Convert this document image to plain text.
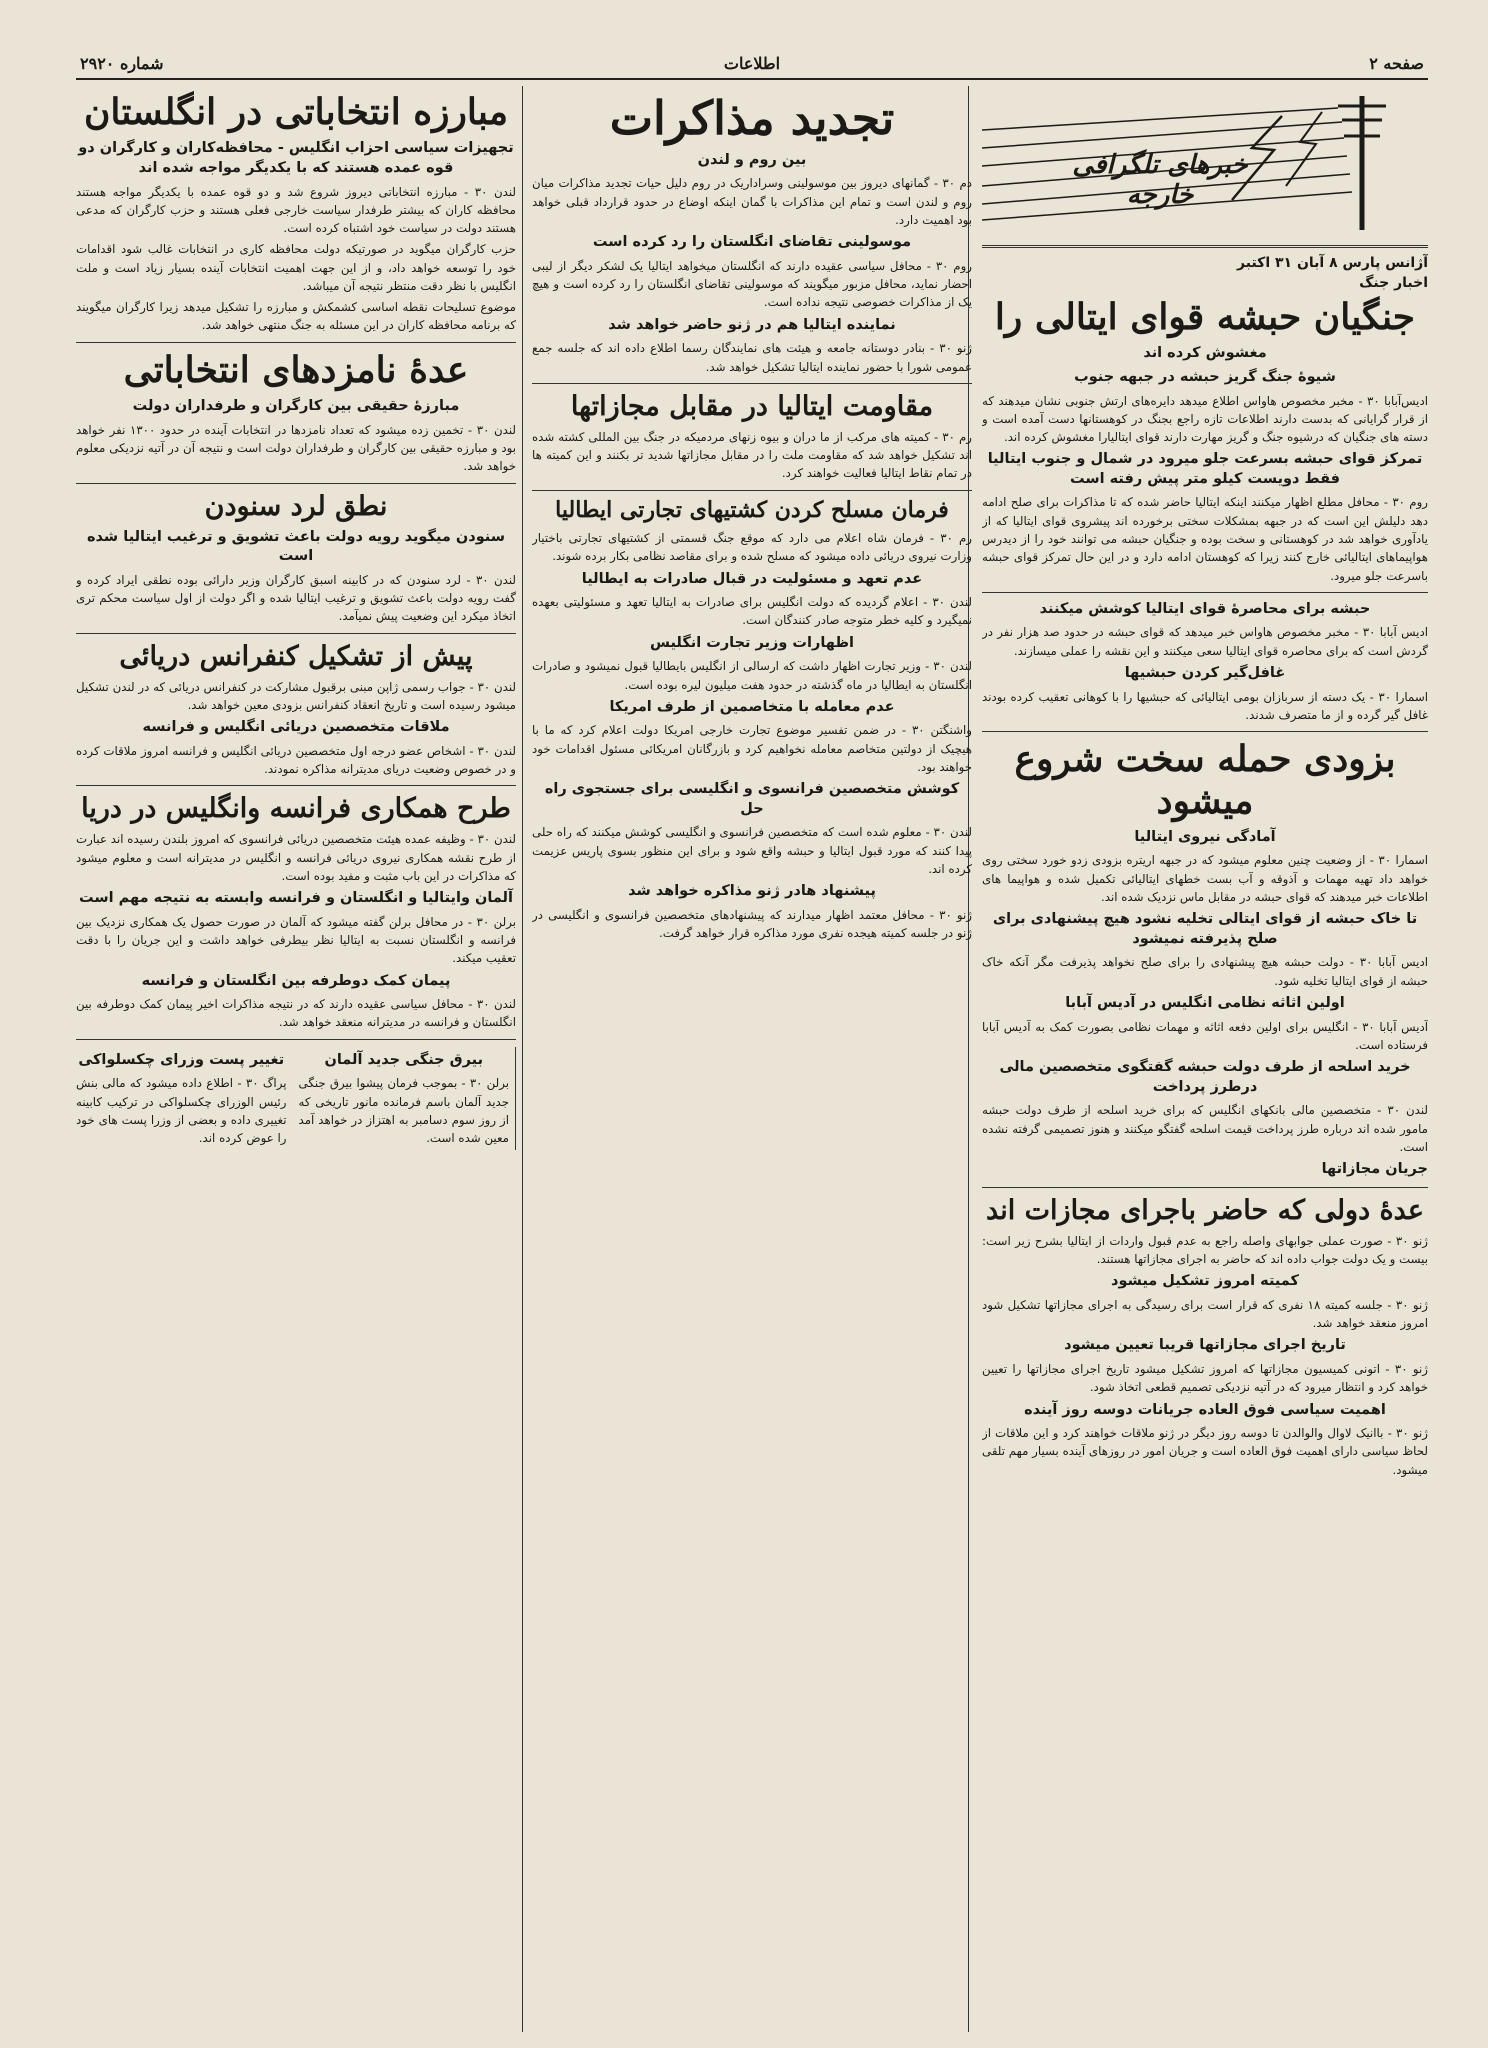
شماره ۲۹۲۰	اطلاعات	صفحه ۲
خبرهای تلگرافی خارجه
آژانس پارس ۸ آبان ۳۱ اکتبر
اخبار جنگ
جنگیان حبشه قوای ایتالی را
مغشوش کرده اند
شیوهٔ جنگ گریز حبشه در جبهه جنوب

ادیس‌آبابا ۳۰ - مخبر مخصوص هاواس اطلاع میدهد دایره‌های ارتش جنوبی نشان میدهند که از قرار گرایانی که بدست دارند اطلاعات تازه راجع بجنگ در کوهستانها دست آمده است و دسته های جنگیان که درشیوه جنگ و گریز مهارت دارند قوای ایتالیارا مغشوش کرده اند.

تمرکز قوای حبشه بسرعت جلو میرود در شمال و جنوب ایتالیا فقط دویست کیلو متر پیش رفته است

روم ۳۰ - محافل مطلع اظهار میکنند اینکه ایتالیا حاضر شده که تا مذاکرات برای صلح ادامه دهد دلیلش این است که در جبهه بمشکلات سختی برخورده اند پیشروی قوای ایتالیا که از یادآوری خواهد شد در کوهستانی و سخت بوده و جنگیان حبشه می توانند خود را از دیدرس هواپیماهای ایتالیائی خارج کنند زیرا که کوهستان ادامه دارد و در این حال تمرکز قوای حبشه باسرعت جلو میرود.

حبشه برای محاصرهٔ قوای ایتالیا کوشش میکنند

ادیس آبابا ۳۰ - مخبر مخصوص هاواس خبر میدهد که قوای حبشه در حدود صد هزار نفر در گردش است که برای محاصره قوای ایتالیا سعی میکنند و این نقشه را عملی میسازند.

غافل‌گیر کردن حبشیها

اسمارا ۳۰ - یک دسته از سربازان بومی ایتالیائی که حبشیها را با کوهانی تعقیب کرده بودند غافل گیر گرده و از ما متصرف شدند.

بزودی حمله سخت شروع میشود
آمادگی نیروی ایتالیا

اسمارا ۳۰ - از وضعیت چنین معلوم میشود که در جبهه اریتره بزودی زدو خورد سختی روی خواهد داد تهیه مهمات و آذوقه و آب بست خطهای ایتالیائی تکمیل شده و هواپیما های اطلاعات خبر میدهند که قوای حبشه در مقابل ماس نزدیک شده اند.

تا خاک حبشه از قوای ایتالی تخلیه نشود هیچ پیشنهادی برای صلح پذیرفته نمیشود

ادیس آبابا ۳۰ - دولت حبشه هیچ پیشنهادی را برای صلح نخواهد پذیرفت مگر آنکه خاک حبشه از قوای ایتالیا تخلیه شود.

اولین اثاثه نظامی انگلیس در آدیس آبابا

آدیس آبابا ۳۰ - انگلیس برای اولین دفعه اثاثه و مهمات نظامی بصورت کمک به آدیس آبابا فرستاده است.

خرید اسلحه از طرف دولت حبشه گفتگوی متخصصین مالی درطرز پرداخت

لندن ۳۰ - متخصصین مالی بانکهای انگلیس که برای خرید اسلحه از طرف دولت حبشه مامور شده اند درباره طرز پرداخت قیمت اسلحه گفتگو میکنند و هنوز تصمیمی گرفته نشده است.

جریان مجازاتها
عدهٔ دولی که حاضر باجرای مجازات اند

ژنو ۳۰ - صورت عملی جوابهای واصله راجع به عدم قبول واردات از ایتالیا بشرح زیر است: بیست و یک دولت جواب داده اند که حاضر به اجرای مجازاتها هستند.

کمیته امروز تشکیل میشود

ژنو ۳۰ - جلسه کمیته ۱۸ نفری که قرار است برای رسیدگی به اجرای مجازاتها تشکیل شود امروز منعقد خواهد شد.

تاریخ اجرای مجازاتها قریبا تعیین میشود

ژنو ۳۰ - اتونی کمیسیون مجازاتها که امروز تشکیل میشود تاریخ اجرای مجازاتها را تعیین خواهد کرد و انتظار میرود که در آتیه نزدیکی تصمیم قطعی اتخاذ شود.

اهمیت سیاسی فوق العاده جریانات دوسه روز آینده

ژنو ۳۰ - باانیک لاوال والوالدن تا دوسه روز دیگر در ژنو ملاقات خواهند کرد و این ملاقات از لحاظ سیاسی دارای اهمیت فوق العاده است و جریان امور در روزهای آینده بسیار مهم تلقی میشود.

تجدید مذاکرات
بین روم و لندن

دم ۳۰ - گمانهای دیروز بین موسولینی وسراداریک در روم دلیل حیات تجدید مذاکرات میان روم و لندن است و تمام این مذاکرات با گمان اینکه اوضاع در حدود قرارداد قبلی خواهد بود اهمیت دارد.

موسولینی تقاضای انگلستان را رد کرده است

روم ۳۰ - محافل سیاسی عقیده دارند که انگلستان میخواهد ایتالیا یک لشکر دیگر از لیبی احضار نماید، محافل مزبور میگویند که موسولینی تقاضای انگلستان را رد کرده است و هیچ یک از مذاکرات خصوصی نتیجه نداده است.

نماینده ایتالیا هم در ژنو حاضر خواهد شد

ژنو ۳۰ - بنادر دوستانه جامعه و هیئت های نمایندگان رسما اطلاع داده اند که جلسه جمع عمومی شورا با حضور نماینده ایتالیا تشکیل خواهد شد.

مقاومت ایتالیا در مقابل مجازاتها

رم ۳۰ - کمیته های مرکب از ما دران و بیوه زنهای مردمیکه در جنگ بین المللی کشته شده اند تشکیل خواهد شد که مقاومت ملت را در مقابل مجازاتها شدید تر بکنند و این کمیته ها در تمام نقاط ایتالیا فعالیت خواهند کرد.

فرمان مسلح کردن کشتیهای تجارتی ایطالیا

رم ۳۰ - فرمان شاه اعلام می دارد که موقع جنگ قسمتی از کشتیهای تجارتی باختیار وزارت نیروی دریائی داده میشود که مسلح شده و برای مقاصد نظامی بکار برده شوند.

عدم تعهد و مسئولیت در قبال صادرات به ایطالیا

لندن ۳۰ - اعلام گردیده که دولت انگلیس برای صادرات به ایتالیا تعهد و مسئولیتی بعهده نمیگیرد و کلیه خطر متوجه صادر کنندگان است.

اظهارات وزیر تجارت انگلیس

لندن ۳۰ - وزیر تجارت اظهار داشت که ارسالی از انگلیس بایطالیا قبول نمیشود و صادرات انگلستان به ایطالیا در ماه گذشته در حدود هفت میلیون لیره بوده است.

عدم معامله با متخاصمین از طرف امریکا

واشنگتن ۳۰ - در ضمن تفسیر موضوع تجارت خارجی امریکا دولت اعلام کرد که ما با هیچیک از دولتین متخاصم معامله نخواهیم کرد و بازرگانان امریکائی مسئول اقدامات خود خواهند بود.

کوشش متخصصین فرانسوی و انگلیسی برای جستجوی راه حل

لندن ۳۰ - معلوم شده است که متخصصین فرانسوی و انگلیسی کوشش میکنند که راه حلی پیدا کنند که مورد قبول ایتالیا و حبشه واقع شود و برای این منظور بسوی پاریس عزیمت کرده اند.

پیشنهاد هادر ژنو مذاکره خواهد شد

ژنو ۳۰ - محافل معتمد اظهار میدارند که پیشنهادهای متخصصین فرانسوی و انگلیسی در ژنو در جلسه کمیته هیجده نفری مورد مذاکره قرار خواهد گرفت.

مبارزه انتخاباتی در انگلستان
تجهیزات سیاسی احزاب انگلیس - محافظه‌کاران و کارگران دو قوه عمده هستند که با یکدیگر مواجه شده اند

لندن ۳۰ - مبارزه انتخاباتی دیروز شروع شد و دو قوه عمده با یکدیگر مواجه هستند محافظه کاران که بیشتر طرفدار سیاست خارجی فعلی هستند و حزب کارگران که مدعی هستند دولت در سیاست خود اشتباه کرده است.

حزب کارگران میگوید در صورتیکه دولت محافظه کاری در انتخابات غالب شود اقدامات خود را توسعه خواهد داد، و از این جهت اهمیت انتخابات آینده بسیار زیاد است و ملت انگلیس با نظر دقت منتظر نتیجه آن میباشد.

موضوع تسلیحات نقطه اساسی کشمکش و مبارزه را تشکیل میدهد زیرا کارگران میگویند که برنامه محافظه کاران در این مسئله به جنگ منتهی خواهد شد.

عدهٔ نامزدهای انتخاباتی
مبارزهٔ حقیقی بین کارگران و طرفداران دولت

لندن ۳۰ - تخمین زده میشود که تعداد نامزدها در انتخابات آینده در حدود ۱۳۰۰ نفر خواهد بود و مبارزه حقیقی بین کارگران و طرفداران دولت است و نتیجه آن در آتیه نزدیکی معلوم خواهد شد.

نطق لرد سنودن
سنودن میگوید رویه دولت باعث تشویق و ترغیب ایتالیا شده است

لندن ۳۰ - لرد سنودن که در کابینه اسبق کارگران وزیر دارائی بوده نطقی ایراد کرده و گفت رویه دولت باعث تشویق و ترغیب ایتالیا شده و اگر دولت از اول سیاست محکم تری اتخاذ میکرد این وضعیت پیش نمیآمد.

پیش از تشکیل کنفرانس دریائی

لندن ۳۰ - جواب رسمی ژاپن مبنی برقبول مشارکت در کنفرانس دریائی که در لندن تشکیل میشود رسیده است و تاریخ انعقاد کنفرانس بزودی معین خواهد شد.

ملاقات متخصصین دریائی انگلیس و فرانسه

لندن ۳۰ - اشخاص عضو درجه اول متخصصین دریائی انگلیس و فرانسه امروز ملاقات کرده و در خصوص وضعیت دریای مدیترانه مذاکره نمودند.

طرح همکاری فرانسه وانگلیس در دریا

لندن ۳۰ - وظیفه عمده هیئت متخصصین دریائی فرانسوی که امروز بلندن رسیده اند عبارت از طرح نقشه همکاری نیروی دریائی فرانسه و انگلیس در مدیترانه است و معلوم میشود که مذاکرات در این باب مثبت و مفید بوده است.

آلمان وایتالیا و انگلستان و فرانسه وابسته به نتیجه مهم است

برلن ۳۰ - در محافل برلن گفته میشود که آلمان در صورت حصول یک همکاری نزدیک بین فرانسه و انگلستان نسبت به ایتالیا نظر بیطرفی خواهد داشت و این جریان را با دقت تعقیب میکند.

پیمان کمک دوطرفه بین انگلستان و فرانسه

لندن ۳۰ - محافل سیاسی عقیده دارند که در نتیجه مذاکرات اخیر پیمان کمک دوطرفه بین انگلستان و فرانسه در مدیترانه منعقد خواهد شد.

بیرق جنگی جدید آلمان

برلن ۳۰ - بموجب فرمان پیشوا بیرق جنگی جدید آلمان باسم فرمانده مانور تاریخی که از روز سوم دسامبر به اهتزاز در خواهد آمد معین شده است.

تغییر پست وزرای چکسلواکی

پراگ ۳۰ - اطلاع داده میشود که مالی بنش رئیس الوزرای چکسلواکی در ترکیب کابینه تغییری داده و بعضی از وزرا پست های خود را عوض کرده اند.
